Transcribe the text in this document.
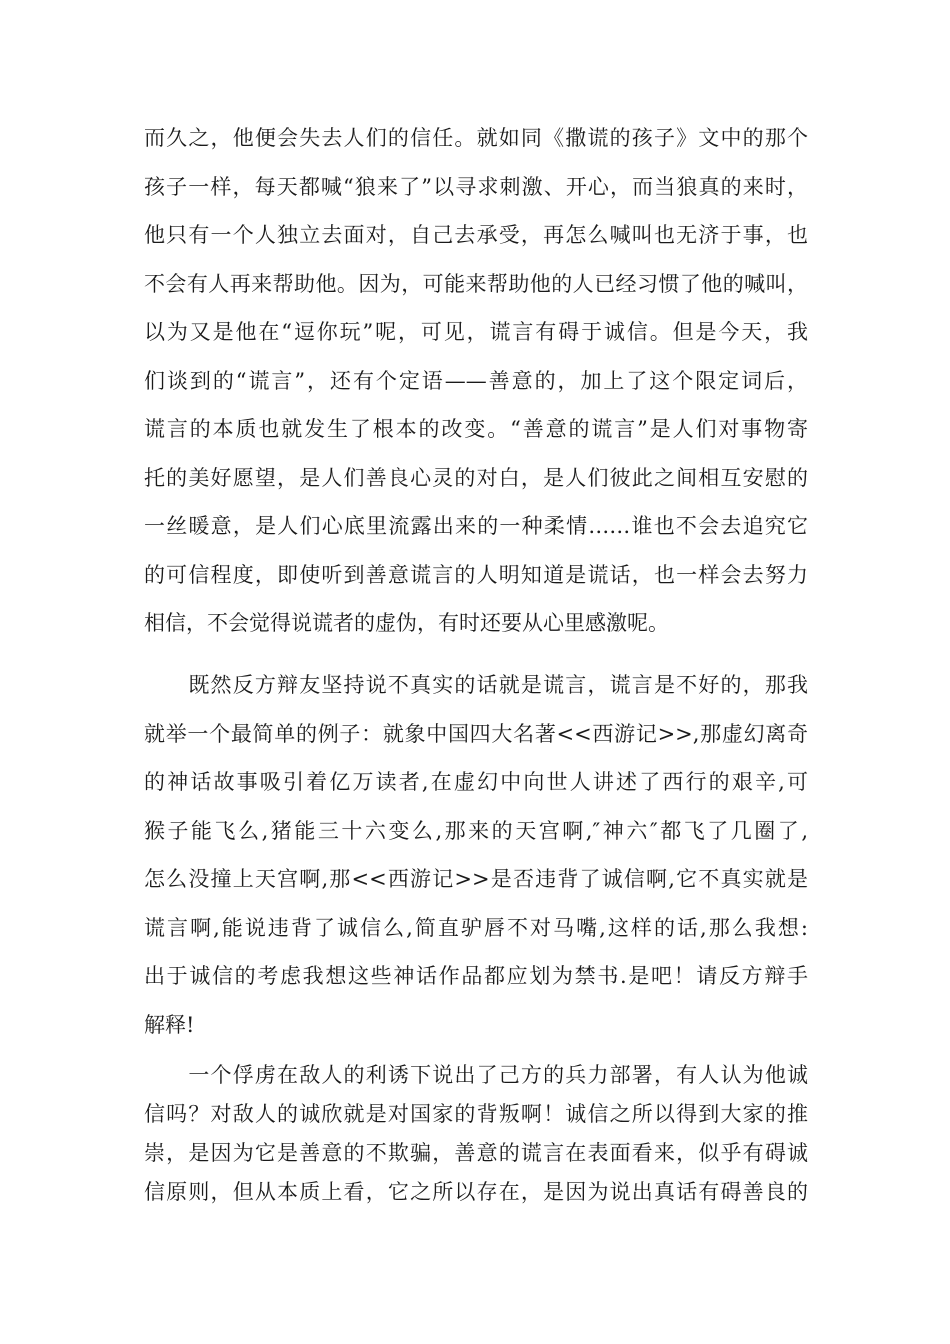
而久之，他便会失去人们的信任。就如同《撒谎的孩子》文中的那个
孩子一样，每天都喊“狼来了”以寻求刺激、开心，而当狼真的来时，
他只有一个人独立去面对，自己去承受，再怎么喊叫也无济于事，也
不会有人再来帮助他。因为，可能来帮助他的人已经习惯了他的喊叫，
以为又是他在“逗你玩”呢，可见，谎言有碍于诚信。但是今天，我
们谈到的“谎言”，还有个定语——善意的，加上了这个限定词后，
谎言的本质也就发生了根本的改变。“善意的谎言”是人们对事物寄
托的美好愿望，是人们善良心灵的对白，是人们彼此之间相互安慰的
一丝暖意，是人们心底里流露出来的一种柔情……谁也不会去追究它
的可信程度，即使听到善意谎言的人明知道是谎话，也一样会去努力
相信，不会觉得说谎者的虚伪，有时还要从心里感激呢。
　　既然反方辩友坚持说不真实的话就是谎言，谎言是不好的，那我
就举一个最简单的例子：就象中国四大名著<<西游记>>,那虚幻离奇
的神话故事吸引着亿万读者,在虚幻中向世人讲述了西行的艰辛,可
猴子能飞么,猪能三十六变么,那来的天宫啊,″神六″都飞了几圈了,
怎么没撞上天宫啊,那<<西游记>>是否违背了诚信啊,它不真实就是
谎言啊,能说违背了诚信么,简直驴唇不对马嘴,这样的话,那么我想:
出于诚信的考虑我想这些神话作品都应划为禁书.是吧！请反方辩手
解释!
　　一个俘虏在敌人的利诱下说出了己方的兵力部署，有人认为他诚
信吗？对敌人的诚欣就是对国家的背叛啊！诚信之所以得到大家的推
崇，是因为它是善意的不欺骗，善意的谎言在表面看来，似乎有碍诚
信原则，但从本质上看，它之所以存在，是因为说出真话有碍善良的
